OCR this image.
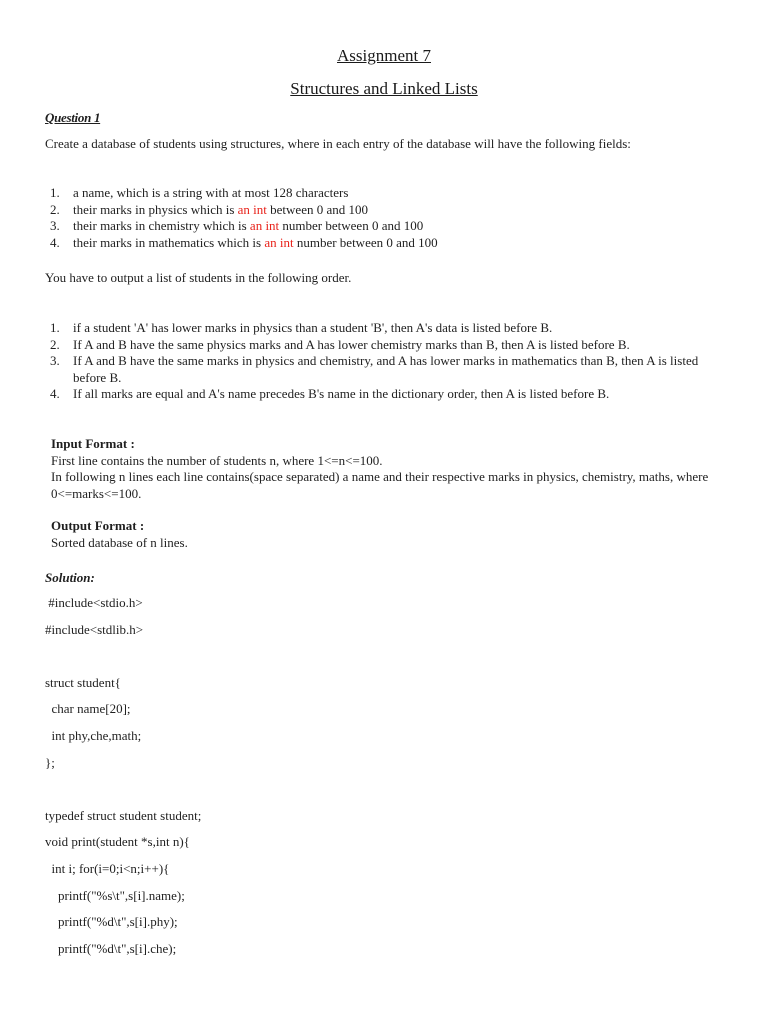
Assignment 7
Structures and Linked Lists
Question 1
Create a database of students using structures, where in each entry of the database will have the following fields:
1. a name, which is a string with at most 128 characters
2. their marks in physics which is an int between 0 and 100
3. their marks in chemistry which is an int number between 0 and 100
4. their marks in mathematics which is an int number between 0 and 100
You have to output a list of students in the following order.
1. if a student 'A' has lower marks in physics than a student 'B', then A's data is listed before B.
2. If A and B have the same physics marks and A has lower chemistry marks than B, then A is listed before B.
3. If A and B have the same marks in physics and chemistry, and A has lower marks in mathematics than B, then A is listed before B.
4. If all marks are equal and A's name precedes B's name in the dictionary order, then A is listed before B.
Input Format :
First line contains the number of students n, where 1<=n<=100.
In following n lines each line contains(space separated) a name and their respective marks in physics, chemistry, maths, where 0<=marks<=100.
Output Format :
Sorted database of n lines.
Solution:
#include<stdio.h>
#include<stdlib.h>
struct student{
char name[20];
int phy,che,math;
};
typedef struct student student;
void print(student *s,int n){
int i; for(i=0;i<n;i++){
printf("%s\t",s[i].name);
printf("%d\t",s[i].phy);
printf("%d\t",s[i].che);
